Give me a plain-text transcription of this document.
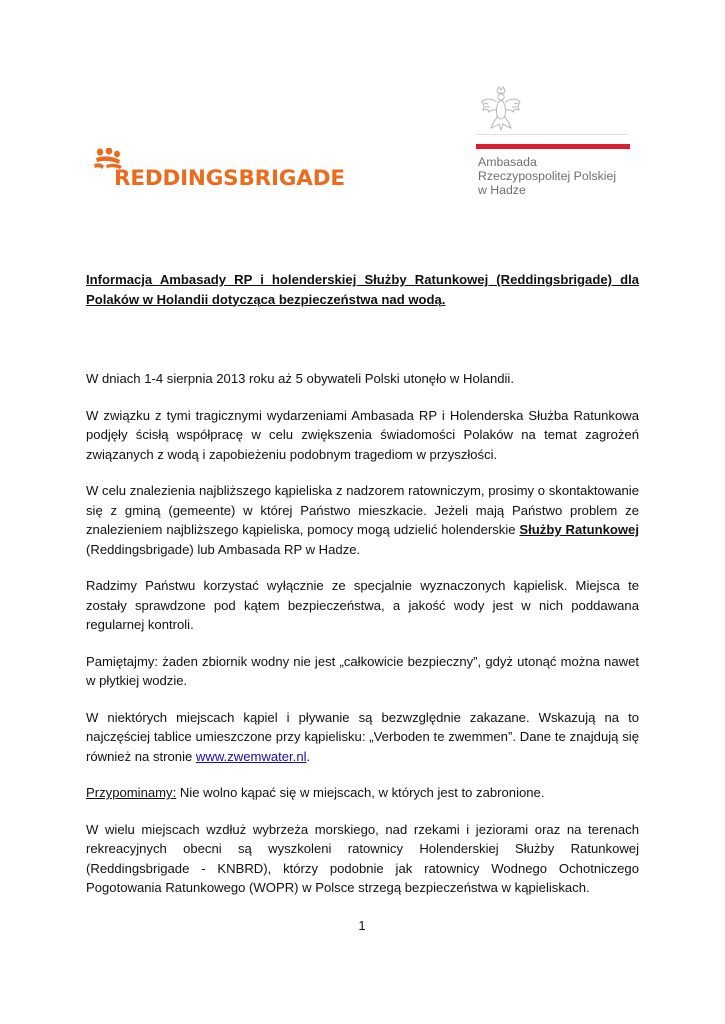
REDDINGSBRIGADE
Ambasada
Rzeczypospolitej Polskiej
w Hadze

Informacja Ambasady RP i holenderskiej Służby Ratunkowej (Reddingsbrigade) dla Polaków w Holandii dotycząca bezpieczeństwa nad wodą.

W dniach 1-4 sierpnia 2013 roku aż 5 obywateli Polski utonęło w Holandii.

W związku z tymi tragicznymi wydarzeniami Ambasada RP i Holenderska Służba Ratunkowa podjęły ścisłą współpracę w celu zwiększenia świadomości Polaków na temat zagrożeń związanych z wodą i zapobieżeniu podobnym tragediom w przyszłości.

W celu znalezienia najbliższego kąpieliska z nadzorem ratowniczym, prosimy o skontaktowanie się z gminą (gemeente) w której Państwo mieszkacie. Jeżeli mają Państwo problem ze znalezieniem najbliższego kąpieliska, pomocy mogą udzielić holenderskie Służby Ratunkowej (Reddingsbrigade) lub Ambasada RP w Hadze.

Radzimy Państwu korzystać wyłącznie ze specjalnie wyznaczonych kąpielisk. Miejsca te zostały sprawdzone pod kątem bezpieczeństwa, a jakość wody jest w nich poddawana regularnej kontroli.

Pamiętajmy: żaden zbiornik wodny nie jest „całkowicie bezpieczny”, gdyż utonąć można nawet w płytkiej wodzie.

W niektórych miejscach kąpiel i pływanie są bezwzględnie zakazane. Wskazują na to najczęściej tablice umieszczone przy kąpielisku: „Verboden te zwemmen”. Dane te znajdują się również na stronie www.zwemwater.nl.

Przypominamy: Nie wolno kąpać się w miejscach, w których jest to zabronione.

W wielu miejscach wzdłuż wybrzeża morskiego, nad rzekami i jeziorami oraz na terenach rekreacyjnych obecni są wyszkoleni ratownicy Holenderskiej Służby Ratunkowej (Reddingsbrigade - KNBRD), którzy podobnie jak ratownicy Wodnego Ochotniczego Pogotowania Ratunkowego (WOPR) w Polsce strzegą bezpieczeństwa w kąpieliskach.

1
